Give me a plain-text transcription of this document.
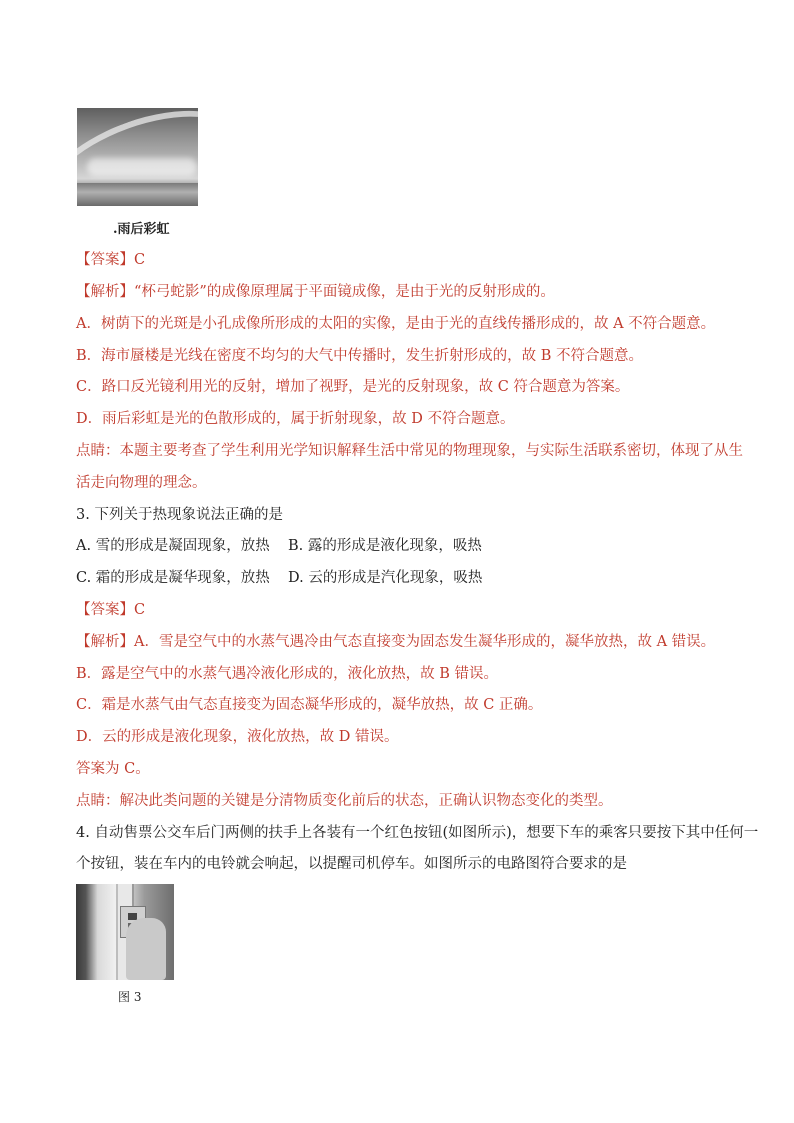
.雨后彩虹
【答案】C
【解析】“杯弓蛇影”的成像原理属于平面镜成像，是由于光的反射形成的。
A．树荫下的光斑是小孔成像所形成的太阳的实像，是由于光的直线传播形成的，故 A 不符合题意。
B．海市蜃楼是光线在密度不均匀的大气中传播时，发生折射形成的，故 B 不符合题意。
C．路口反光镜利用光的反射，增加了视野，是光的反射现象，故 C 符合题意为答案。
D．雨后彩虹是光的色散形成的，属于折射现象，故 D 不符合题意。
点睛：本题主要考查了学生利用光学知识解释生活中常见的物理现象，与实际生活联系密切，体现了从生
活走向物理的理念。
3. 下列关于热现象说法正确的是
A. 雪的形成是凝固现象，放热 B. 露的形成是液化现象，吸热
C. 霜的形成是凝华现象，放热 D. 云的形成是汽化现象，吸热
【答案】C
【解析】A．雪是空气中的水蒸气遇冷由气态直接变为固态发生凝华形成的，凝华放热，故 A 错误。
B．露是空气中的水蒸气遇冷液化形成的，液化放热，故 B 错误。
C．霜是水蒸气由气态直接变为固态凝华形成的，凝华放热，故 C 正确。
D．云的形成是液化现象，液化放热，故 D 错误。
答案为 C。
点睛：解决此类问题的关键是分清物质变化前后的状态，正确认识物态变化的类型。
4. 自动售票公交车后门两侧的扶手上各装有一个红色按钮(如图所示)，想要下车的乘客只要按下其中任何一
个按钮，装在车内的电铃就会响起，以提醒司机停车。如图所示的电路图符合要求的是
图 3
